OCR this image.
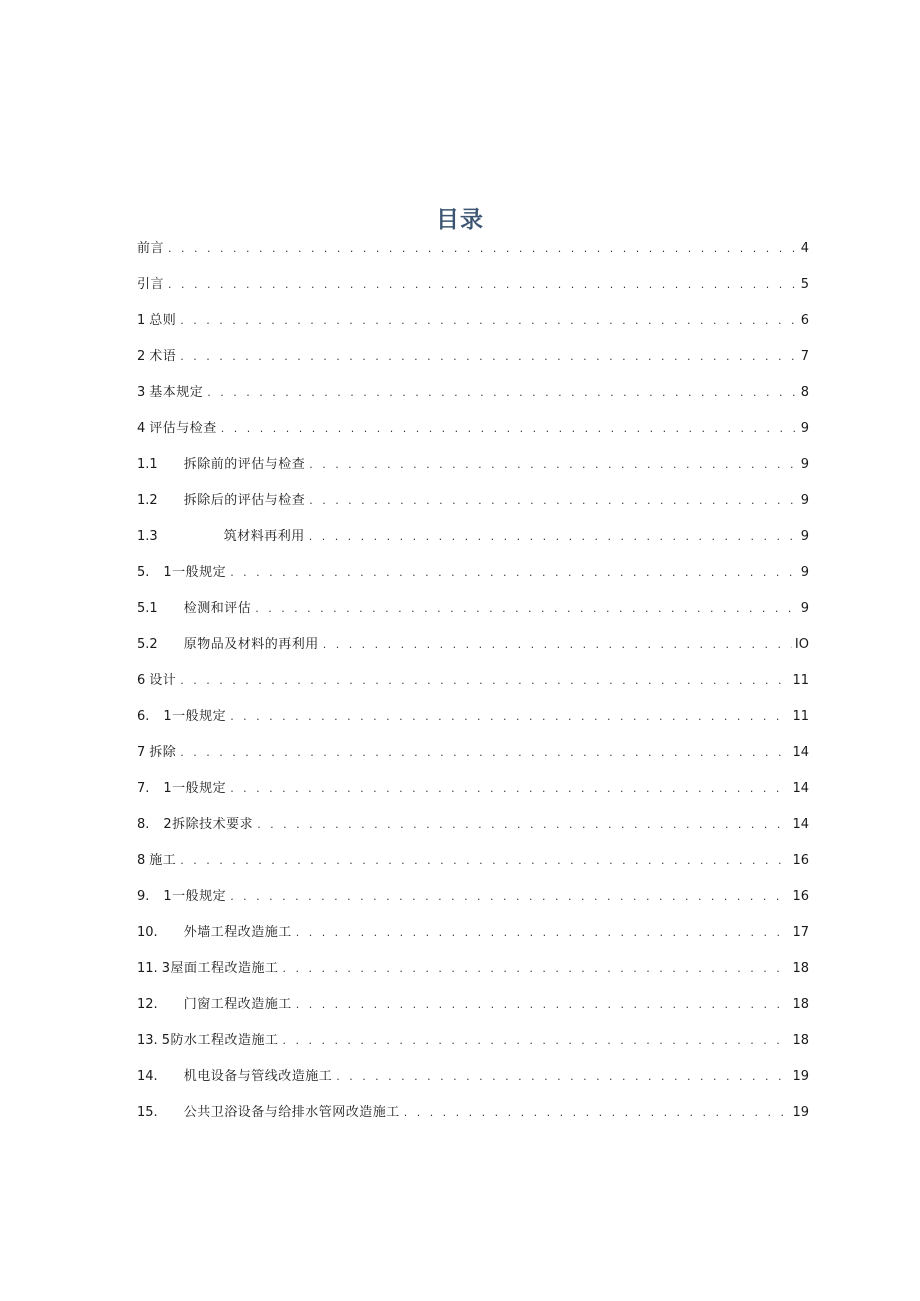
目录
前言 . . .	4
引言 . . .	5
1 总则 . . .	6
2 术语 . . .	7
3 基本规定 . . .	8
4 评估与检查 . . .	9
1.1 拆除前的评估与检查 . . .	9
1.2 拆除后的评估与检查 . . .	9
1.3	筑材料再利用 . . .	9
5. 1一般规定 . . .	9
5.1 检测和评估 . . .	9
5.2 原物品及材料的再利用 . . .	IO
6 设计 . . .	11
6. 1一般规定 . . .	11
7 拆除 . . .	14
7. 1一般规定 . . .	14
8. 2拆除技术要求 . . .	14
8 施工 . . .	16
9. 1一般规定 . . .	16
10. 外墙工程改造施工 . . .	17
11. 3屋面工程改造施工 . . .	18
12. 门窗工程改造施工 . . .	18
13. 5防水工程改造施工 . . .	18
14. 机电设备与管线改造施工 . . .	19
15. 公共卫浴设备与给排水管网改造施工 . . .	19
